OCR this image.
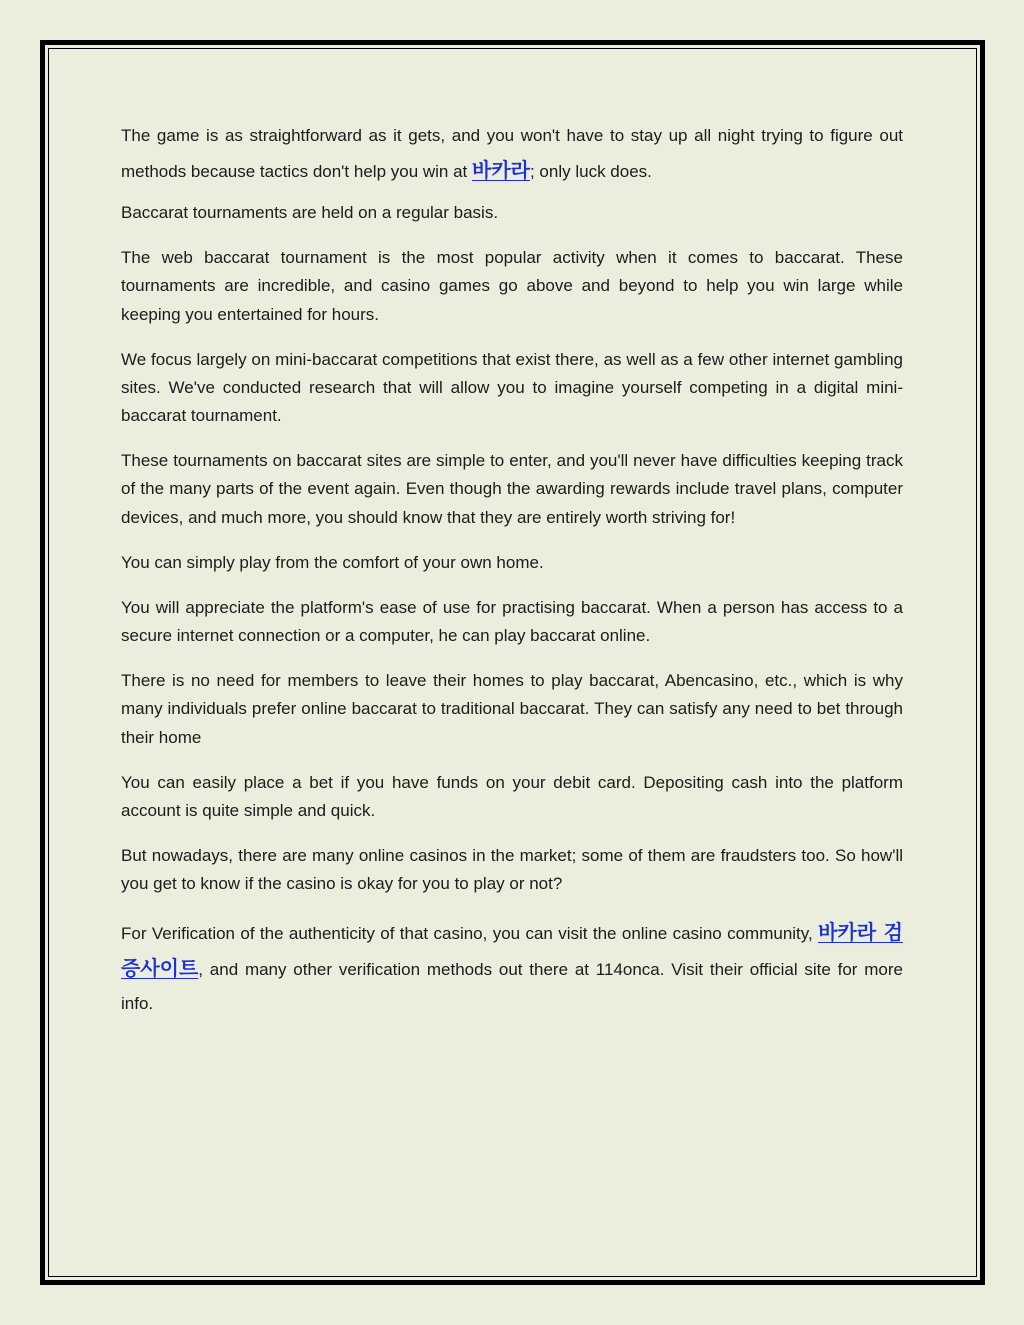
The game is as straightforward as it gets, and you won't have to stay up all night trying to figure out methods because tactics don't help you win at 바카라; only luck does.

Baccarat tournaments are held on a regular basis.

The web baccarat tournament is the most popular activity when it comes to baccarat. These tournaments are incredible, and casino games go above and beyond to help you win large while keeping you entertained for hours.

We focus largely on mini-baccarat competitions that exist there, as well as a few other internet gambling sites. We've conducted research that will allow you to imagine yourself competing in a digital mini-baccarat tournament.

These tournaments on baccarat sites are simple to enter, and you'll never have difficulties keeping track of the many parts of the event again. Even though the awarding rewards include travel plans, computer devices, and much more, you should know that they are entirely worth striving for!

You can simply play from the comfort of your own home.

You will appreciate the platform's ease of use for practising baccarat. When a person has access to a secure internet connection or a computer, he can play baccarat online.

There is no need for members to leave their homes to play baccarat, Abencasino, etc., which is why many individuals prefer online baccarat to traditional baccarat. They can satisfy any need to bet through their home

You can easily place a bet if you have funds on your debit card. Depositing cash into the platform account is quite simple and quick.

But nowadays, there are many online casinos in the market; some of them are fraudsters too. So how'll you get to know if the casino is okay for you to play or not?

For Verification of the authenticity of that casino, you can visit the online casino community, 바카라 검증사이트, and many other verification methods out there at 114onca. Visit their official site for more info.
